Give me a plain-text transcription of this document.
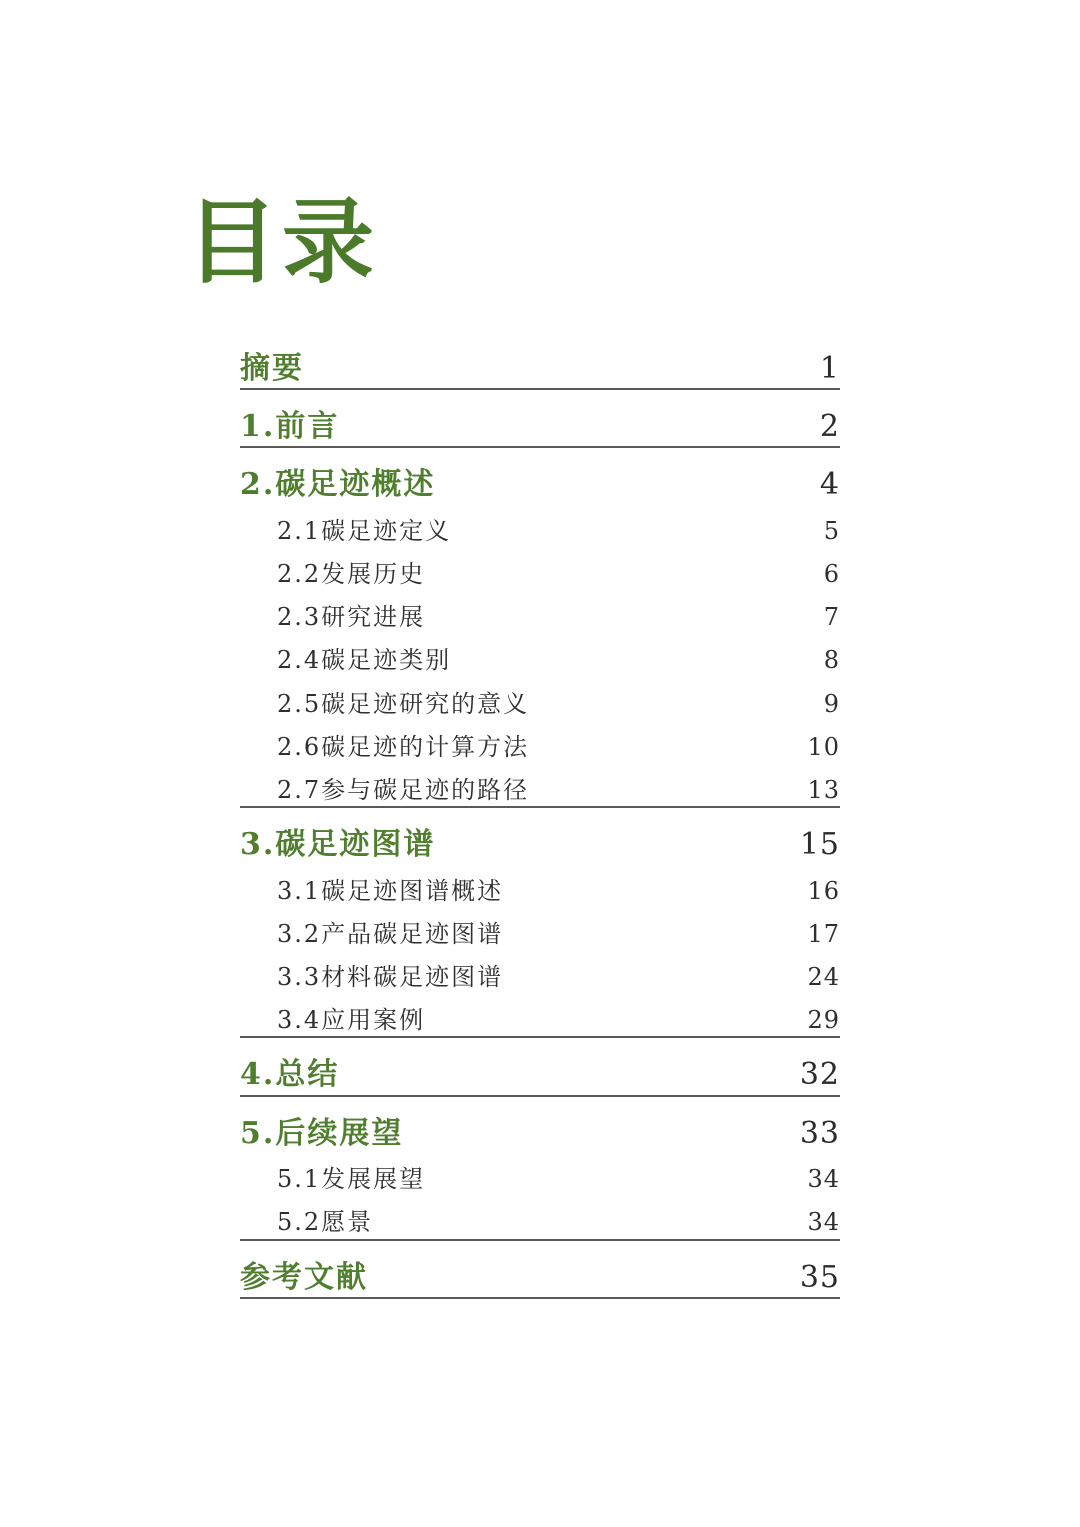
目录
摘要	1
1.前言	2
2.碳足迹概述	4
2.1碳足迹定义	5
2.2发展历史	6
2.3研究进展	7
2.4碳足迹类别	8
2.5碳足迹研究的意义	9
2.6碳足迹的计算方法	10
2.7参与碳足迹的路径	13
3.碳足迹图谱	15
3.1碳足迹图谱概述	16
3.2产品碳足迹图谱	17
3.3材料碳足迹图谱	24
3.4应用案例	29
4.总结	32
5.后续展望	33
5.1发展展望	34
5.2愿景	34
参考文献	35
